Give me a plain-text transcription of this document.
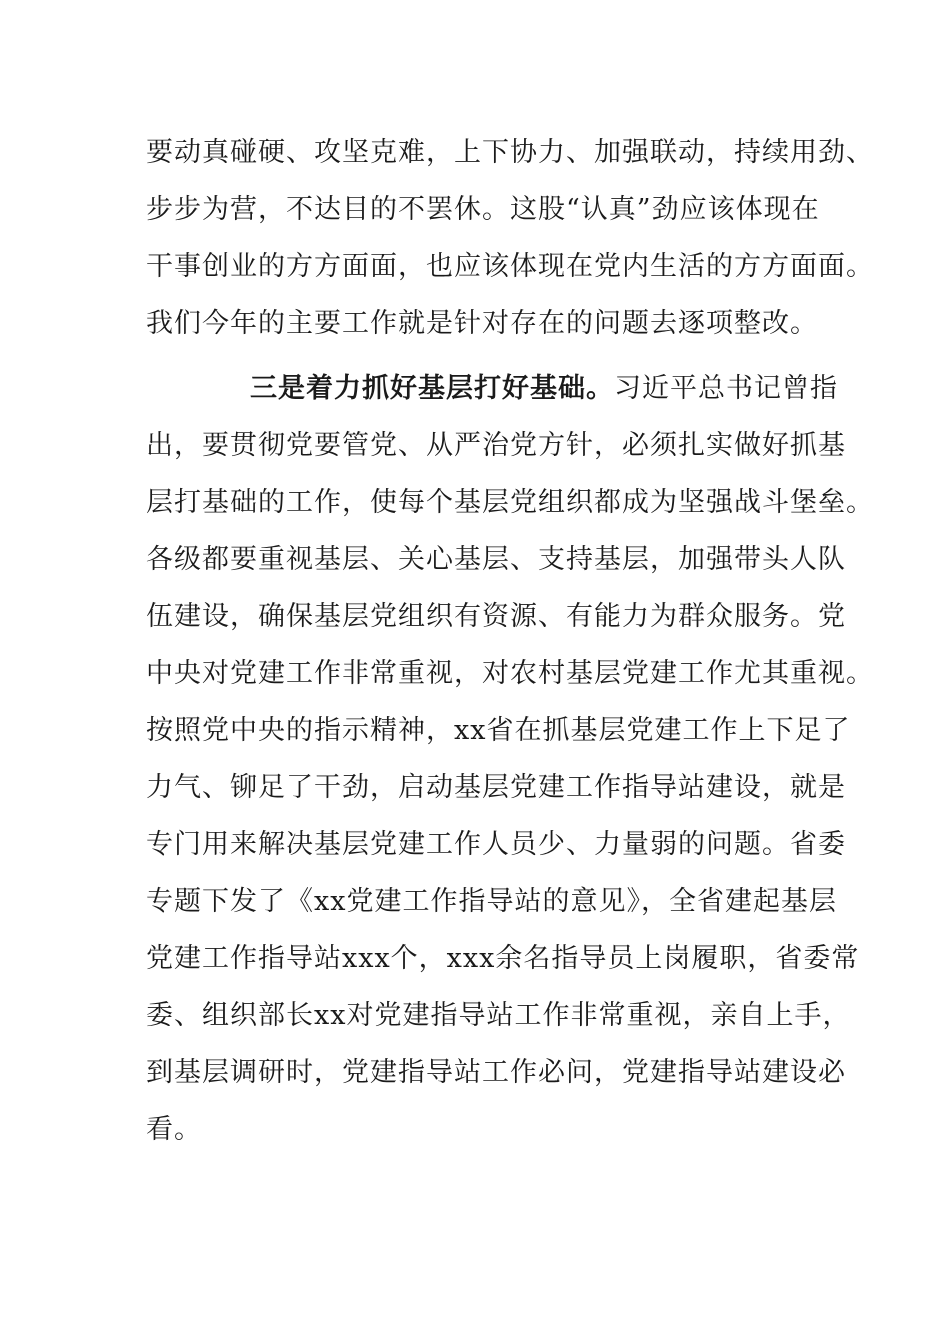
要动真碰硬、攻坚克难，上下协力、加强联动，持续用劲、
步步为营，不达目的不罢休。这股“认真”劲应该体现在
干事创业的方方面面，也应该体现在党内生活的方方面面。
我们今年的主要工作就是针对存在的问题去逐项整改。
三是着力抓好基层打好基础。习近平总书记曾指
出，要贯彻党要管党、从严治党方针，必须扎实做好抓基
层打基础的工作，使每个基层党组织都成为坚强战斗堡垒。
各级都要重视基层、关心基层、支持基层，加强带头人队
伍建设，确保基层党组织有资源、有能力为群众服务。党
中央对党建工作非常重视，对农村基层党建工作尤其重视。
按照党中央的指示精神，xx省在抓基层党建工作上下足了
力气、铆足了干劲，启动基层党建工作指导站建设，就是
专门用来解决基层党建工作人员少、力量弱的问题。省委
专题下发了《xx党建工作指导站的意见》，全省建起基层
党建工作指导站xxx个，xxx余名指导员上岗履职，省委常
委、组织部长xx对党建指导站工作非常重视，亲自上手，
到基层调研时，党建指导站工作必问，党建指导站建设必
看。
